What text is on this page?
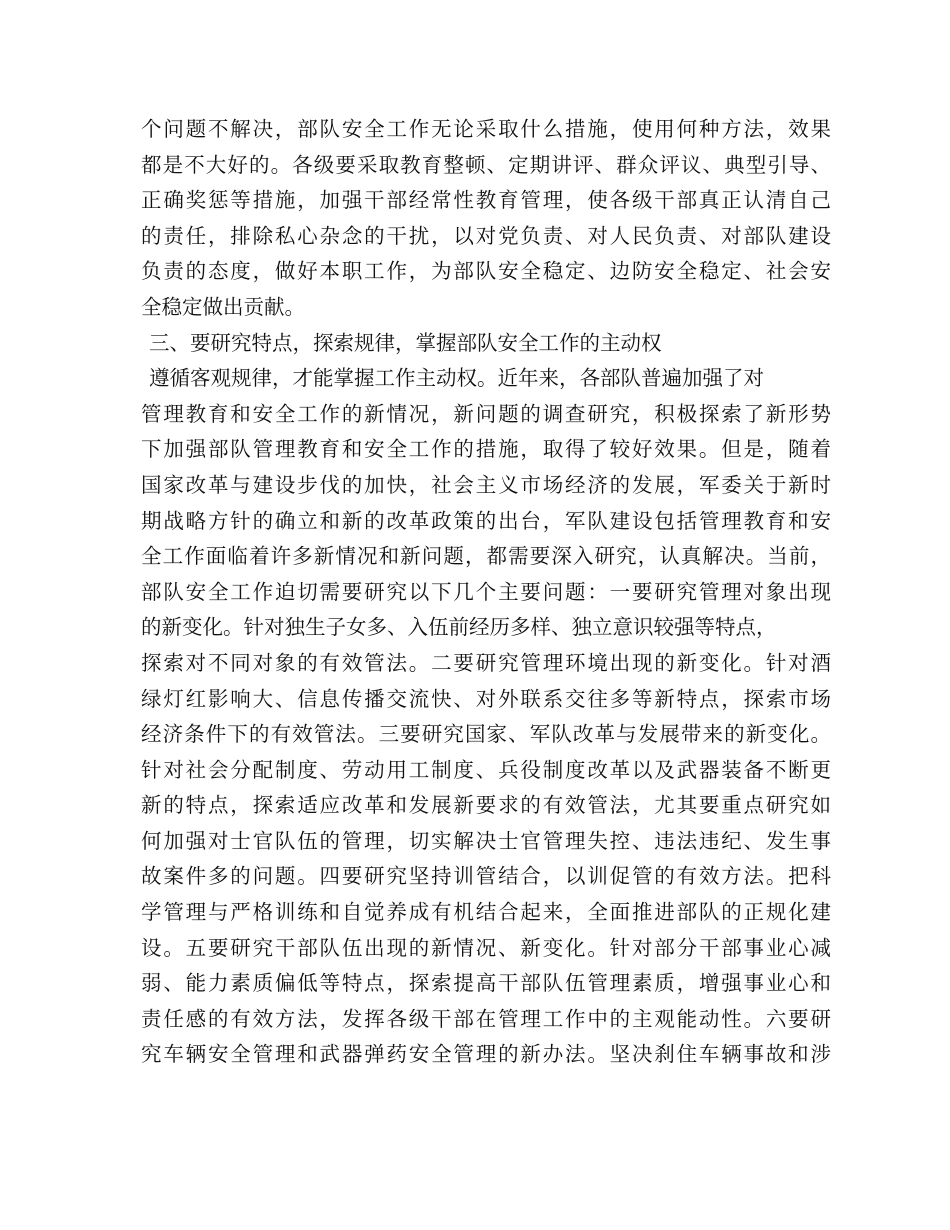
个问题不解决，部队安全工作无论采取什么措施，使用何种方法，效果
都是不大好的。各级要采取教育整顿、定期讲评、群众评议、典型引导、
正确奖惩等措施，加强干部经常性教育管理，使各级干部真正认清自己
的责任，排除私心杂念的干扰，以对党负责、对人民负责、对部队建设
负责的态度，做好本职工作，为部队安全稳定、边防安全稳定、社会安
全稳定做出贡献。
三、要研究特点，探索规律，掌握部队安全工作的主动权
遵循客观规律，才能掌握工作主动权。近年来，各部队普遍加强了对
管理教育和安全工作的新情况，新问题的调查研究，积极探索了新形势
下加强部队管理教育和安全工作的措施，取得了较好效果。但是，随着
国家改革与建设步伐的加快，社会主义市场经济的发展，军委关于新时
期战略方针的确立和新的改革政策的出台，军队建设包括管理教育和安
全工作面临着许多新情况和新问题，都需要深入研究，认真解决。当前，
部队安全工作迫切需要研究以下几个主要问题：一要研究管理对象出现
的新变化。针对独生子女多、入伍前经历多样、独立意识较强等特点，
探索对不同对象的有效管法。二要研究管理环境出现的新变化。针对酒
绿灯红影响大、信息传播交流快、对外联系交往多等新特点，探索市场
经济条件下的有效管法。三要研究国家、军队改革与发展带来的新变化。
针对社会分配制度、劳动用工制度、兵役制度改革以及武器装备不断更
新的特点，探索适应改革和发展新要求的有效管法，尤其要重点研究如
何加强对士官队伍的管理，切实解决士官管理失控、违法违纪、发生事
故案件多的问题。四要研究坚持训管结合，以训促管的有效方法。把科
学管理与严格训练和自觉养成有机结合起来，全面推进部队的正规化建
设。五要研究干部队伍出现的新情况、新变化。针对部分干部事业心减
弱、能力素质偏低等特点，探索提高干部队伍管理素质，增强事业心和
责任感的有效方法，发挥各级干部在管理工作中的主观能动性。六要研
究车辆安全管理和武器弹药安全管理的新办法。坚决刹住车辆事故和涉
